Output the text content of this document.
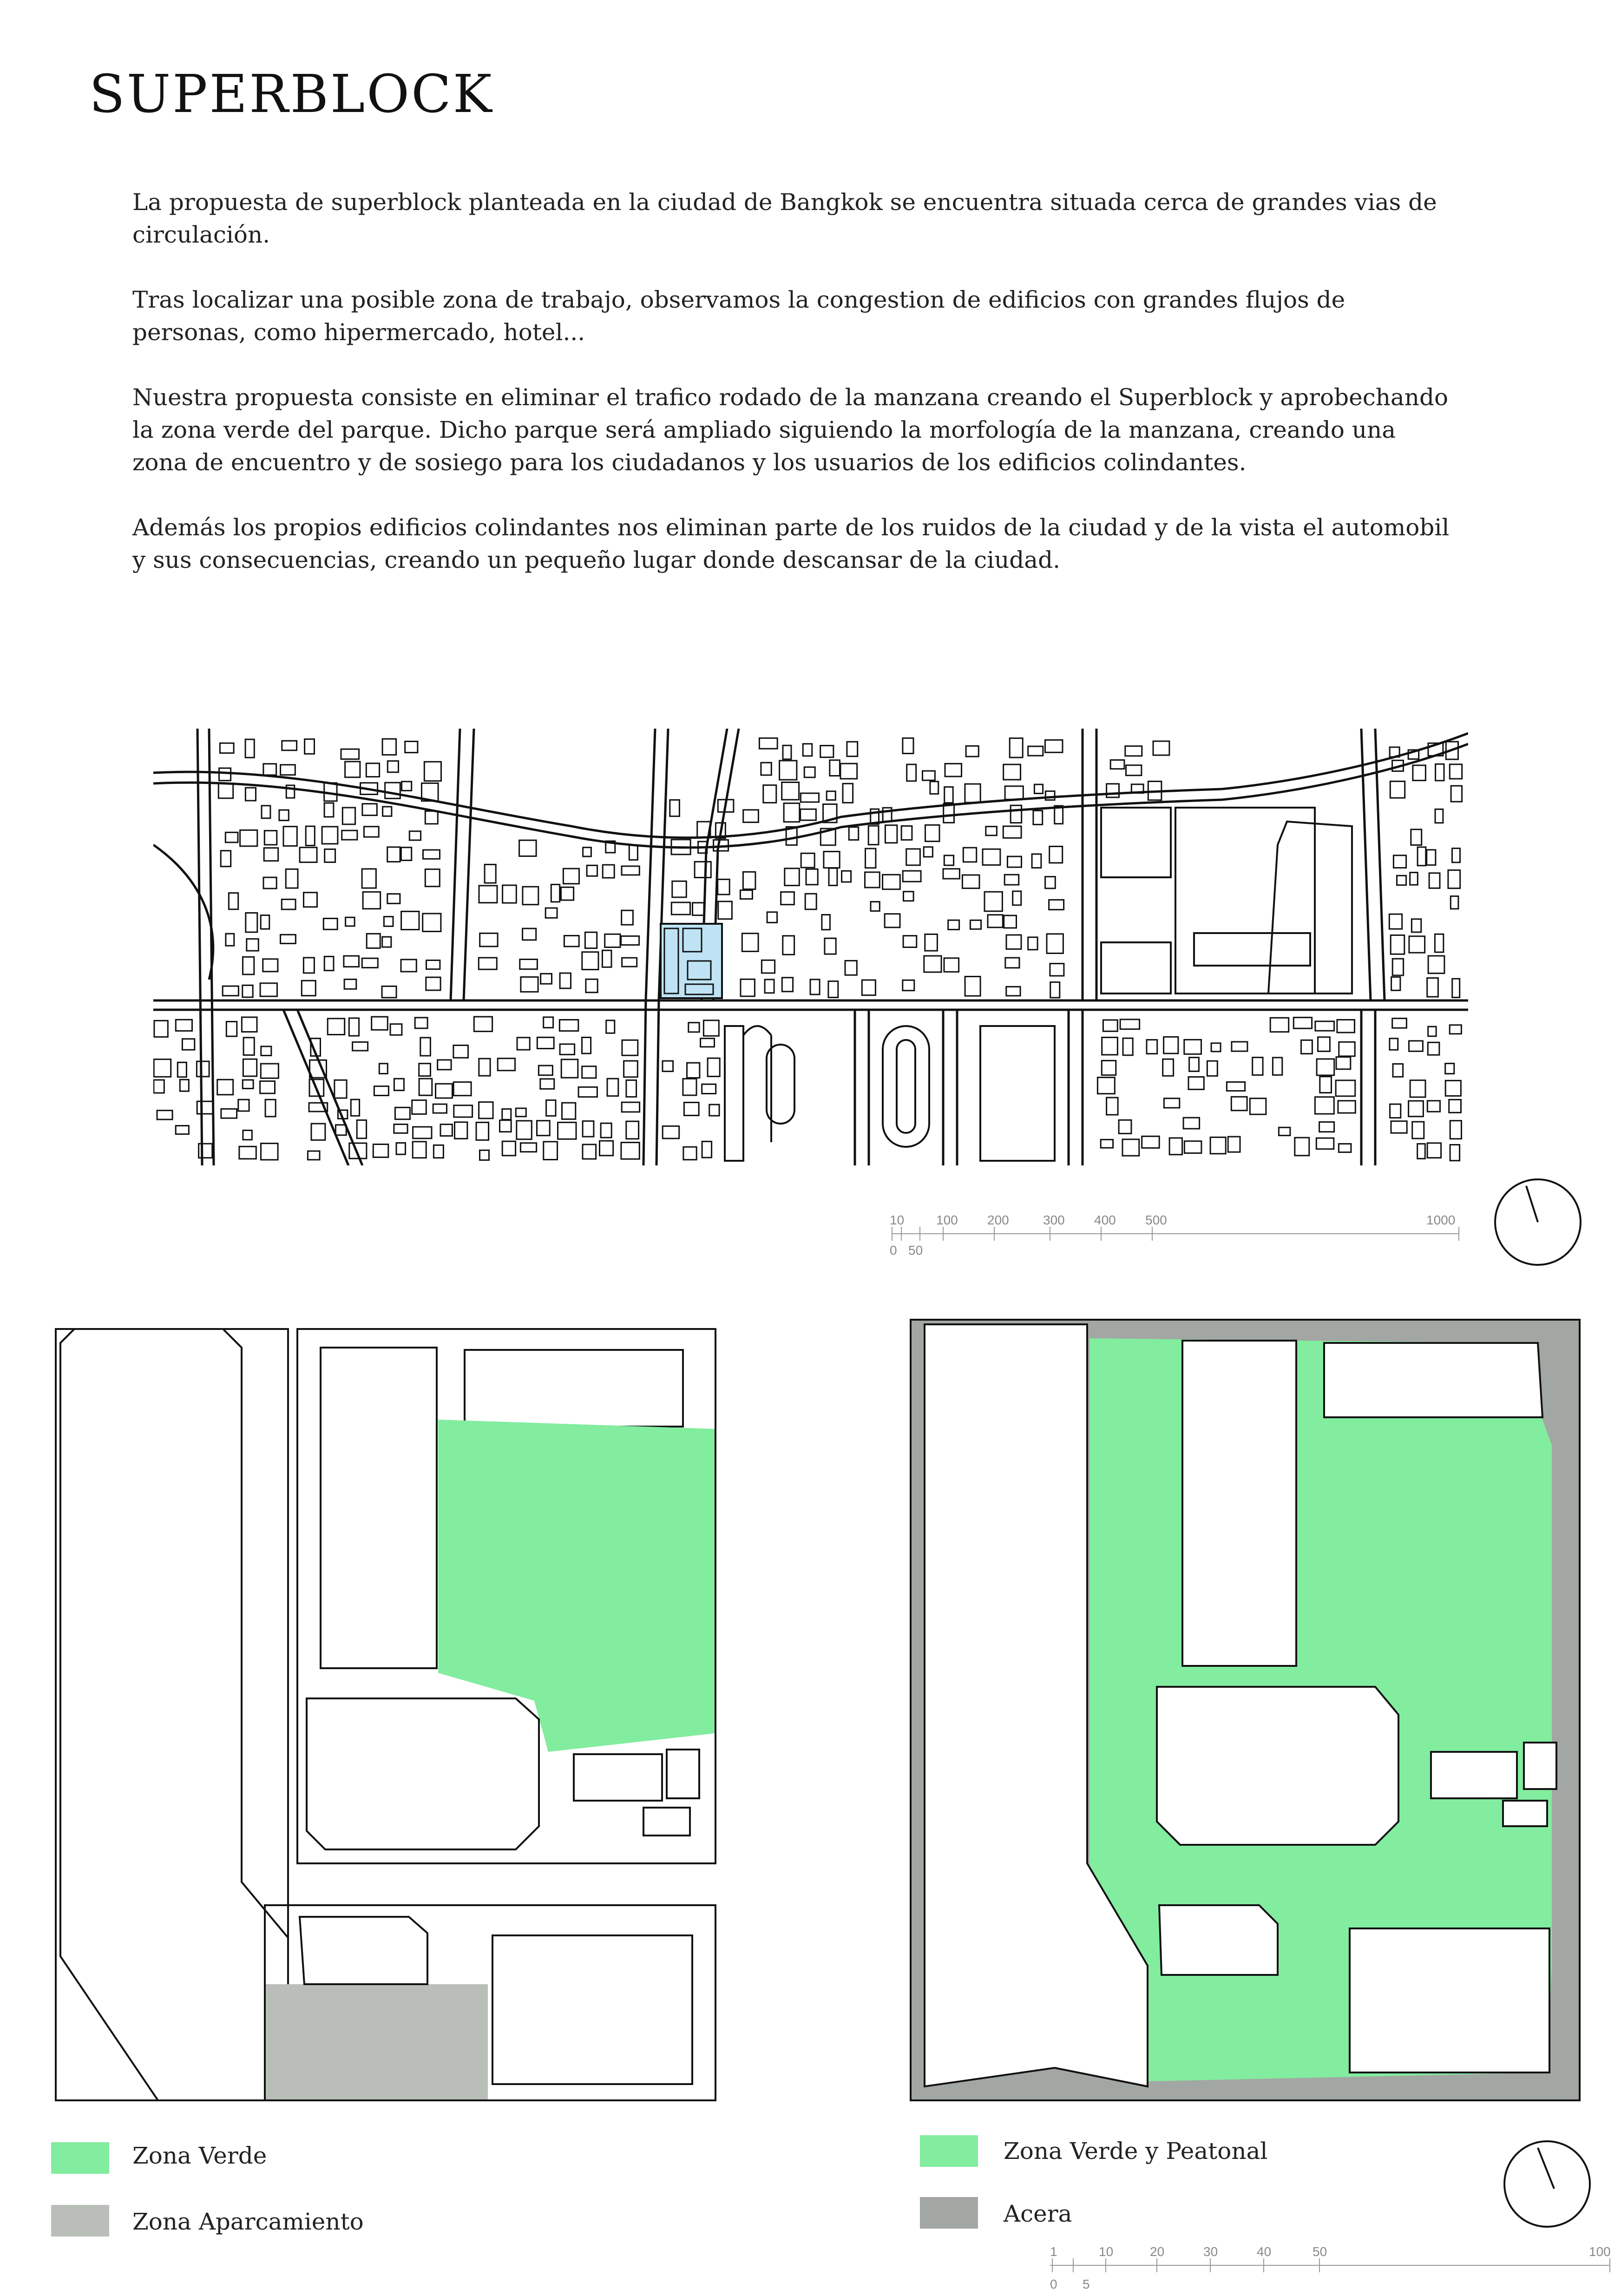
SUPERBLOCK

La propuesta de superblock planteada en la ciudad de Bangkok se encuentra situada cerca de grandes vias de circulación.

Tras localizar una posible zona de trabajo, observamos la congestion de edificios con grandes flujos de personas, como hipermercado, hotel...

Nuestra propuesta consiste en eliminar el trafico rodado de la manzana creando el Superblock y aprobechando la zona verde del parque. Dicho parque será ampliado siguiendo la morfología de la manzana, creando una zona de encuentro y de sosiego para los ciudadanos y los usuarios de los edificios colindantes.

Además los propios edificios colindantes nos eliminan parte de los ruidos de la ciudad y de la vista el automobil y sus consecuencias, creando un pequeño lugar donde descansar de la ciudad.

10 100 200	300 400 500	1000
0 50
Zona Verde
Zona Aparcamiento
Zona Verde y Peatonal
Acera
1	10	20	30	40	50	100
0 5
